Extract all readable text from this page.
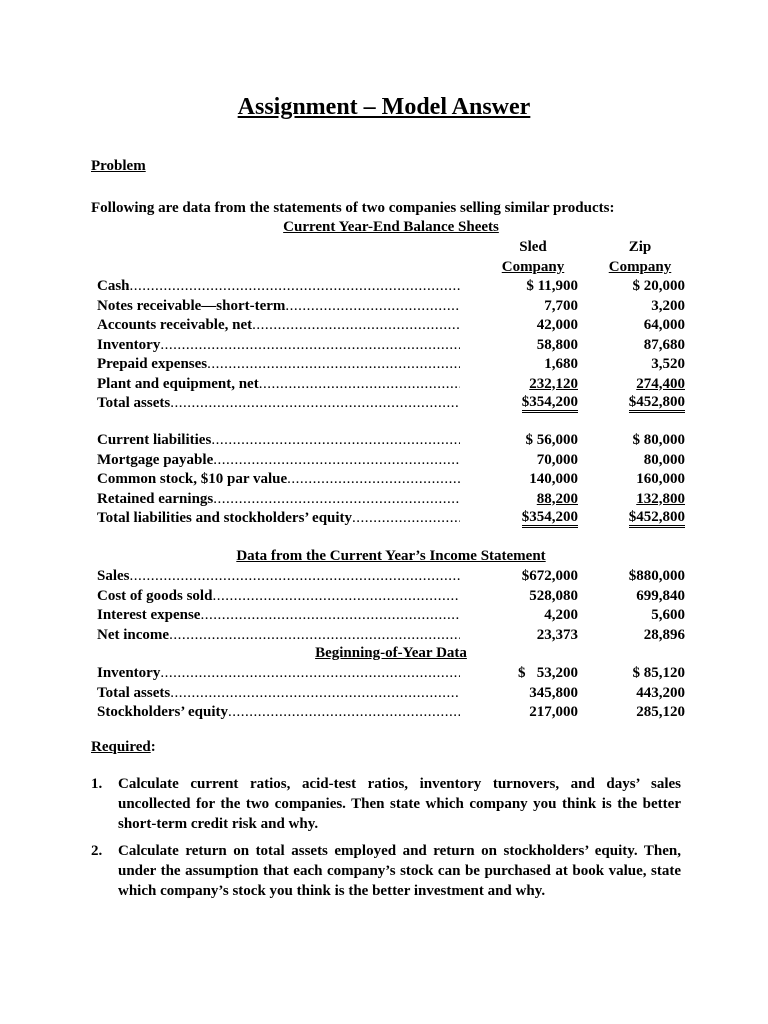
Assignment – Model Answer
Problem
Following are data from the statements of two companies selling similar products:
Current Year-End Balance Sheets
Sled
Company
Zip
Company
Cash .....	$ 11,900	$ 20,000
Notes receivable—short-term .....	7,700	3,200
Accounts receivable, net .....	42,000	64,000
Inventory .....	58,800	87,680
Prepaid expenses .....	1,680	3,520
Plant and equipment, net .....	232,120	274,400
Total assets .....	$354,200	$452,800
Current liabilities .....	$ 56,000	$ 80,000
Mortgage payable .....	70,000	80,000
Common stock, $10 par value .....	140,000	160,000
Retained earnings .....	88,200	132,800
Total liabilities and stockholders’ equity .....	$354,200	$452,800
Data from the Current Year’s Income Statement
Sales .....	$672,000	$880,000
Cost of goods sold .....	528,080	699,840
Interest expense .....	4,200	5,600
Net income .....	23,373	28,896
Beginning-of-Year Data
Inventory .....	$   53,200	$ 85,120
Total assets .....	345,800	443,200
Stockholders’ equity .....	217,000	285,120
Required:
1. Calculate current ratios, acid-test ratios, inventory turnovers, and days’ sales uncollected for the two companies. Then state which company you think is the better short-term credit risk and why.
2. Calculate return on total assets employed and return on stockholders’ equity. Then, under the assumption that each company’s stock can be purchased at book value, state which company’s stock you think is the better investment and why.
